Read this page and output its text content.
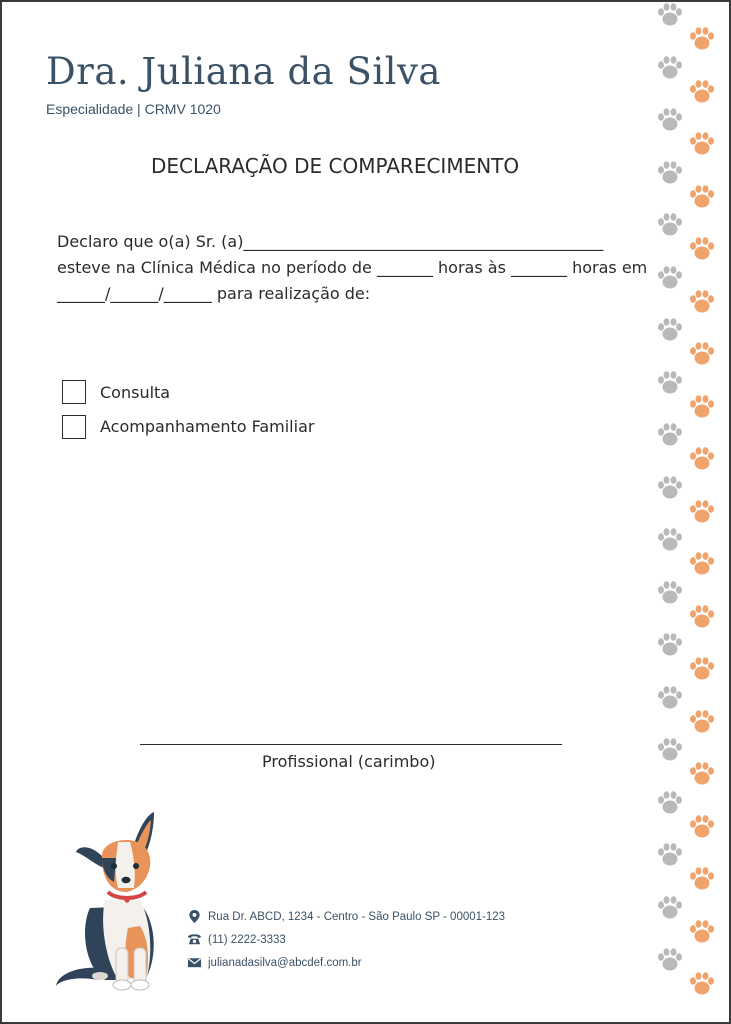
Dra. Juliana da Silva
Especialidade | CRMV 1020
DECLARAÇÃO DE COMPARECIMENTO
Declaro que o(a) Sr. (a)_____________________________________________
esteve na Clínica Médica no período de _______ horas às _______ horas em
______/______/______ para realização de:
Consulta
Acompanhamento Familiar
Profissional (carimbo)
Rua Dr. ABCD, 1234 - Centro - São Paulo SP - 00001-123
(11) 2222-3333
julianadasilva@abcdef.com.br
